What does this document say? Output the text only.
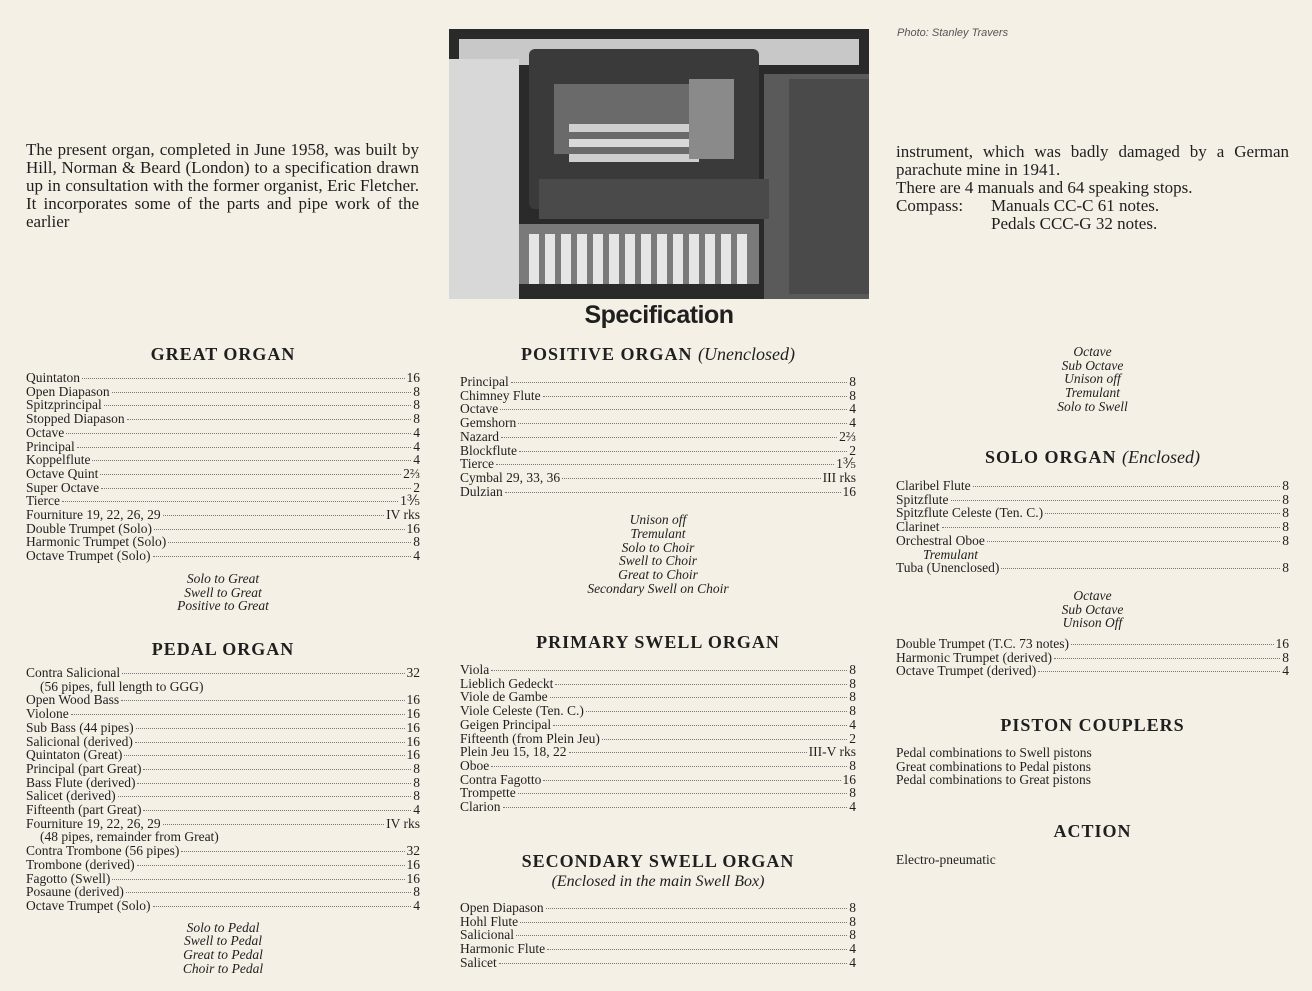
The present organ, completed in June 1958, was built by Hill, Norman & Beard (London) to a specification drawn up in consultation with the former organist, Eric Fletcher. It incorporates some of the parts and pipe work of the earlier

Photo: Stanley Travers

instrument, which was badly damaged by a German parachute mine in 1941.

There are 4 manuals and 64 speaking stops.

Compass:	Manuals CC-C 61 notes.
Pedals CCC-G 32 notes.
Specification
GREAT ORGAN
Quintaton	16
Open Diapason	8
Spitzprincipal	8
Stopped Diapason	8
Octave	4
Principal	4
Koppelflute	4
Octave Quint	2⅔
Super Octave	2
Tierce	1⅗
Fourniture 19, 22, 26, 29	IV rks
Double Trumpet (Solo)	16
Harmonic Trumpet (Solo)	8
Octave Trumpet (Solo)	4
Solo to Great
Swell to Great
Positive to Great
PEDAL ORGAN
Contra Salicional	32
(56 pipes, full length to GGG)
Open Wood Bass	16
Violone	16
Sub Bass (44 pipes)	16
Salicional (derived)	16
Quintaton (Great)	16
Principal (part Great)	8
Bass Flute (derived)	8
Salicet (derived)	8
Fifteenth (part Great)	4
Fourniture 19, 22, 26, 29	IV rks
(48 pipes, remainder from Great)
Contra Trombone (56 pipes)	32
Trombone (derived)	16
Fagotto (Swell)	16
Posaune (derived)	8
Octave Trumpet (Solo)	4
Solo to Pedal
Swell to Pedal
Great to Pedal
Choir to Pedal
POSITIVE ORGAN (Unenclosed)
Principal	8
Chimney Flute	8
Octave	4
Gemshorn	4
Nazard	2⅔
Blockflute	2
Tierce	1⅗
Cymbal 29, 33, 36	III rks
Dulzian	16
Unison off
Tremulant
Solo to Choir
Swell to Choir
Great to Choir
Secondary Swell on Choir
PRIMARY SWELL ORGAN
Viola	8
Lieblich Gedeckt	8
Viole de Gambe	8
Viole Celeste (Ten. C.)	8
Geigen Principal	4
Fifteenth (from Plein Jeu)	2
Plein Jeu 15, 18, 22	III-V rks
Oboe	8
Contra Fagotto	16
Trompette	8
Clarion	4
SECONDARY SWELL ORGAN
(Enclosed in the main Swell Box)
Open Diapason	8
Hohl Flute	8
Salicional	8
Harmonic Flute	4
Salicet	4
Octave
Sub Octave
Unison off
Tremulant
Solo to Swell
SOLO ORGAN (Enclosed)
Claribel Flute	8
Spitzflute	8
Spitzflute Celeste (Ten. C.)	8
Clarinet	8
Orchestral Oboe	8
Tremulant
Tuba (Unenclosed)	8
Octave
Sub Octave
Unison Off
Double Trumpet (T.C. 73 notes)	16
Harmonic Trumpet (derived)	8
Octave Trumpet (derived)	4
PISTON COUPLERS
Pedal combinations to Swell pistons
Great combinations to Pedal pistons
Pedal combinations to Great pistons
ACTION
Electro-pneumatic
